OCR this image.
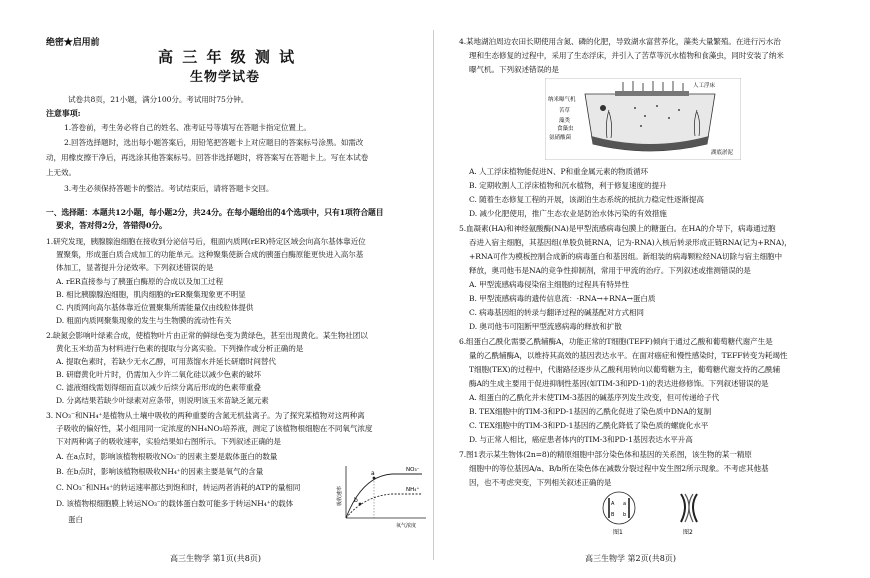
绝密★启用前
高 三 年 级 测 试
生物学试卷
试卷共8页，21小题，满分100分。考试用时75分钟。
注意事项:
1.答卷前，考生务必将自己的姓名、准考证号等填写在答题卡指定位置上。
2.回答选择题时，选出每小题答案后，用铅笔把答题卡上对应题目的答案标号涂黑。如需改
动，用橡皮擦干净后，再选涂其他答案标号。回答非选择题时，将答案写在答题卡上。写在本试卷
上无效。
3.考生必须保持答题卡的整洁。考试结束后，请将答题卡交回。
一、选择题：本题共12小题，每小题2分，共24分。在每小题给出的4个选项中，只有1项符合题目
要求，答对得2分，答错得0分。
1.研究发现，胰腺腺泡细胞在接收到分泌信号后，粗面内质网(rER)特定区域会向高尔基体靠近位
置聚集，形成蛋白质合成加工的功能单元。这种聚集使新合成的胰蛋白酶原能更快进入高尔基
体加工，显著提升分泌效率。下列叙述错误的是
A. rER直接参与了胰蛋白酶原的合成以及加工过程
B. 相比胰腺腺泡细胞，肌肉细胞的rER聚集现象更不明显
C. 内质网向高尔基体靠近位置聚集所需能量仅由线粒体提供
D. 粗面内质网聚集现象的发生与生物膜的流动性有关
2.缺氮会影响叶绿素合成，使植物叶片由正常的鲜绿色变为黄绿色，甚至出现黄化。某生物社团以
黄化玉米幼苗为材料进行色素的提取与分离实验。下列操作或分析正确的是
A. 提取色素时，若缺少无水乙醇，可用蒸馏水并延长研磨时间替代
B. 研磨黄化叶片时，仍需加入少许二氧化硅以减少色素的破坏
C. 滤液细线需划得细而直以减少后续分离后形成的色素带重叠
D. 分离结果若缺少叶绿素对应条带，则说明该玉米苗缺乏氮元素
3. NO₃⁻和NH₄⁺是植物从土壤中吸收的两种重要的含氮无机盐离子。为了探究某植物对这两种离
子吸收的偏好性，某小组用同一定浓度的NH₄NO₃培养液，测定了该植物根细胞在不同氧气浓度
下对两种离子的吸收速率，实验结果如右图所示。下列叙述正确的是
A. 在a点时，影响该植物根吸收NO₃⁻的因素主要是载体蛋白的数量
B. 在b点时，影响该植物根吸收NH₄⁺的因素主要是氧气的含量
C. NO₃⁻和NH₄⁺的转运速率都达到饱和时，转运两者消耗的ATP的量相同
D. 该植物根细胞膜上转运NO₃⁻的载体蛋白数可能多于转运NH₄⁺的载体
蛋白
a
b
NO₃⁻
NH₄⁺
吸收速率
氧气浓度
高三生物学 第1页(共8页)
4.某地湖泊周边农田长期使用含氮、磷的化肥，导致湖水富营养化，藻类大量繁殖。在进行污水治
理和生态修复的过程中，采用了生态浮床，并引入了苦草等沉水植物和食藻虫，同时安装了纳米
曝气机。下列叙述错误的是
人工浮床
纳米曝气机
苦草
藻类
食藻虫
氨硝酸菌
湖底淤泥
A. 人工浮床植物能促进N、P和重金属元素的物质循环
B. 定期收割人工浮床植物和沉水植物，利于修复速度的提升
C. 随着生态修复工程的开展，该湖泊生态系统的抵抗力稳定性逐渐提高
D. 减少化肥使用，推广生态农业是防治水体污染的有效措施
5.血凝素(HA)和神经氨酸酶(NA)是甲型流感病毒包膜上的糖蛋白。在HA的介导下，病毒通过胞
吞进入宿主细胞，其基因组(单股负链RNA，记为-RNA)入核后转录形成正链RNA(记为+RNA)，
+RNA可作为模板控制合成新的病毒蛋白和基因组。新组装的病毒颗粒经NA切除与宿主细胞中
释放，奥司他韦是NA的竞争性抑制剂，常用于甲流的治疗。下列叙述或推测错误的是
A. 甲型流感病毒侵染宿主细胞的过程具有特异性
B. 甲型流感病毒的遗传信息流：-RNA→+RNA→蛋白质
C. 病毒基因组的转录与翻译过程的碱基配对方式相同
D. 奥司他韦可阻断甲型流感病毒的释放和扩散
6.组蛋白乙酰化需要乙酰辅酶A，功能正常的T细胞(TEFF)倾向于通过乙酸和葡萄糖代谢产生是
量的乙酰辅酶A，以维持其高效的基因表达水平。在面对癌症和慢性感染时，TEFF转变为耗竭性
T细胞(TEX)的过程中，代谢路径逐步从乙酸利用转向以葡萄糖为主，葡萄糖代谢支持的乙酰辅
酶A的生成主要用于促进抑制性基因(如TIM-3和PD-1)的表达进修修饰。下列叙述错误的是
A. 组蛋白的乙酰化并未使TIM-3基因的碱基序列发生改变，但可传递给子代
B. TEX细胞中的TIM-3和PD-1基因的乙酰化促进了染色质中DNA的复制
C. TEX细胞中的TIM-3和PD-1基因的乙酰化降低了染色质的螺旋化水平
D. 与正常人相比，癌症患者体内的TIM-3和PD-1基因表达水平升高
7.图1表示某生物体(2n=8)的精原细胞中部分染色体和基因的关系图，该生物的某一精原
细胞中的等位基因A/a、B/b所在染色体在减数分裂过程中发生图2所示现象。不考虑其他基
因，也不考虑突变，下列相关叙述正确的是
A a
B b
图1	图2
高三生物学 第2页(共8页)
